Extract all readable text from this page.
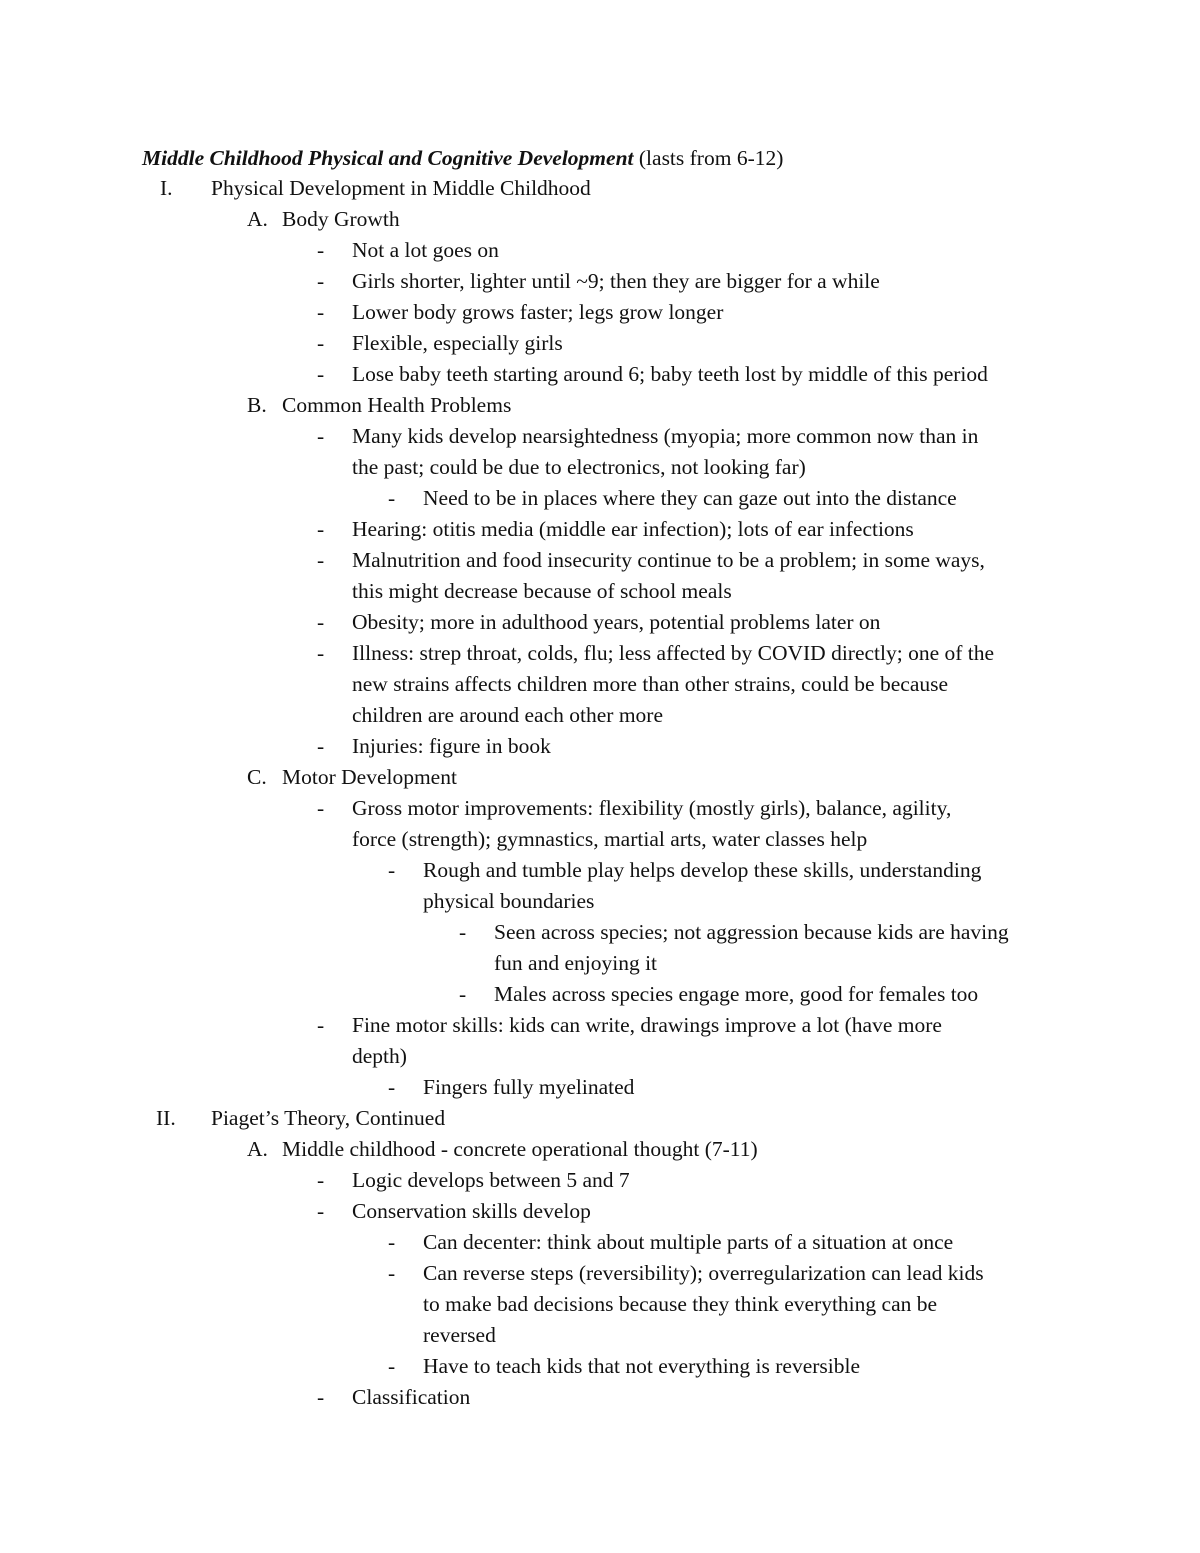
Middle Childhood Physical and Cognitive Development (lasts from 6-12)
I. Physical Development in Middle Childhood
A. Body Growth
- Not a lot goes on
- Girls shorter, lighter until ~9; then they are bigger for a while
- Lower body grows faster; legs grow longer
- Flexible, especially girls
- Lose baby teeth starting around 6; baby teeth lost by middle of this period
B. Common Health Problems
- Many kids develop nearsightedness (myopia; more common now than in
the past; could be due to electronics, not looking far)
- Need to be in places where they can gaze out into the distance
- Hearing: otitis media (middle ear infection); lots of ear infections
- Malnutrition and food insecurity continue to be a problem; in some ways,
this might decrease because of school meals
- Obesity; more in adulthood years, potential problems later on
- Illness: strep throat, colds, flu; less affected by COVID directly; one of the
new strains affects children more than other strains, could be because
children are around each other more
- Injuries: figure in book
C. Motor Development
- Gross motor improvements: flexibility (mostly girls), balance, agility,
force (strength); gymnastics, martial arts, water classes help
- Rough and tumble play helps develop these skills, understanding
physical boundaries
- Seen across species; not aggression because kids are having
fun and enjoying it
- Males across species engage more, good for females too
- Fine motor skills: kids can write, drawings improve a lot (have more
depth)
- Fingers fully myelinated
II. Piaget’s Theory, Continued
A. Middle childhood - concrete operational thought (7-11)
- Logic develops between 5 and 7
- Conservation skills develop
- Can decenter: think about multiple parts of a situation at once
- Can reverse steps (reversibility); overregularization can lead kids
to make bad decisions because they think everything can be
reversed
- Have to teach kids that not everything is reversible
- Classification
